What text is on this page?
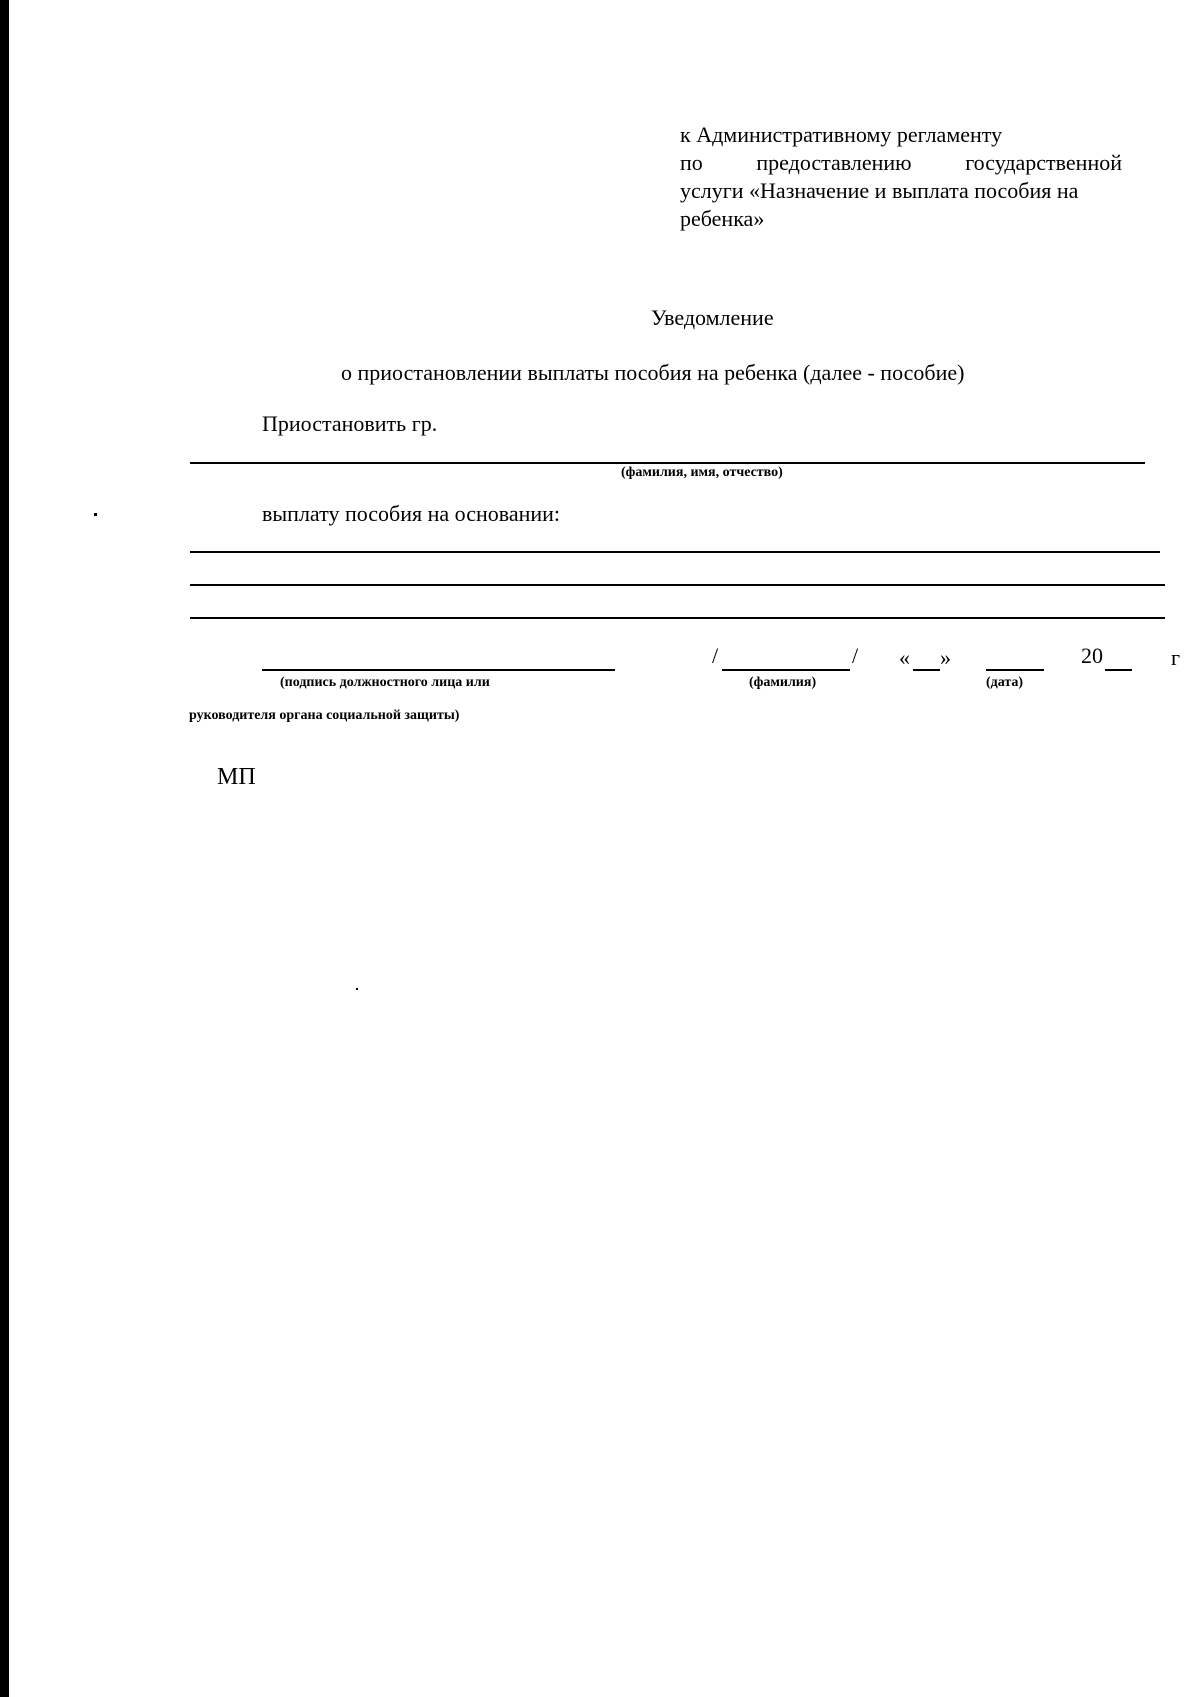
к Административному регламенту
по предоставлению государственной
услуги «Назначение и выплата пособия на
ребенка»
Уведомление
о приостановлении выплаты пособия на ребенка (далее - пособие)
Приостановить гр.
(фамилия, имя, отчество)
выплату пособия на основании:
/	/ « »	20	г
(подпись должностного лица или	(фамилия)	(дата)
руководителя органа социальной защиты)
МП
